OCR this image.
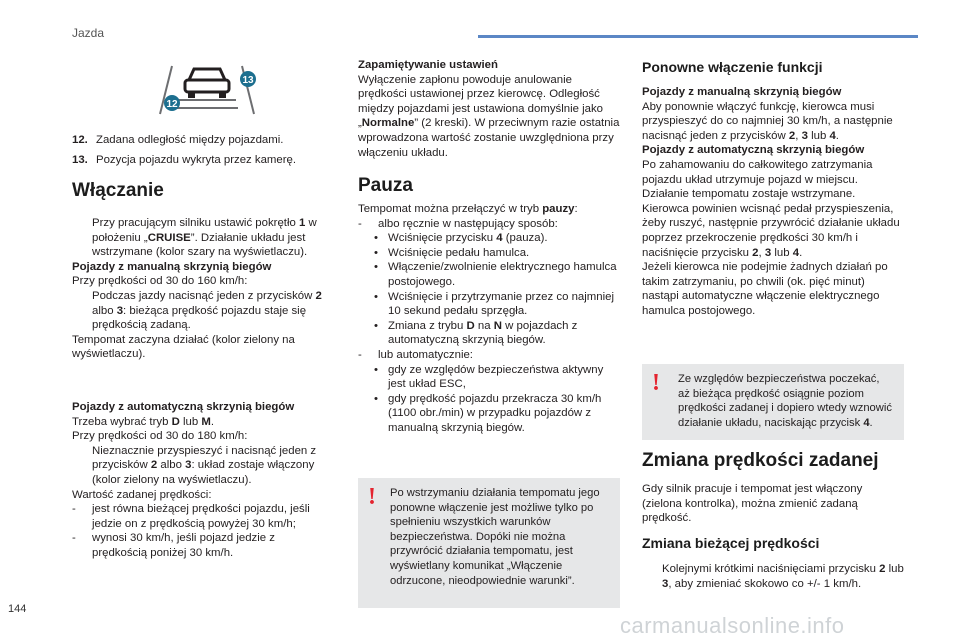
Jazda
144
carmanualsonline.info
13
12
12. Zadana odległość między pojazdami.
13. Pozycja pojazdu wykryta przez kamerę.
Włączanie
Przy pracującym silniku ustawić pokrętło 1 w położeniu „CRUISE”. Działanie układu jest wstrzymane (kolor szary na wyświetlaczu).
Pojazdy z manualną skrzynią biegów
Przy prędkości od 30 do 160 km/h:
Podczas jazdy nacisnąć jeden z przycisków 2 albo 3: bieżąca prędkość pojazdu staje się prędkością zadaną.
Tempomat zaczyna działać (kolor zielony na wyświetlaczu).
Pojazdy z automatyczną skrzynią biegów
Trzeba wybrać tryb D lub M.
Przy prędkości od 30 do 180 km/h:
Nieznacznie przyspieszyć i nacisnąć jeden z przycisków 2 albo 3: układ zostaje włączony (kolor zielony na wyświetlaczu).
Wartość zadanej prędkości:
- jest równa bieżącej prędkości pojazdu, jeśli jedzie on z prędkością powyżej 30 km/h;
- wynosi 30 km/h, jeśli pojazd jedzie z prędkością poniżej 30 km/h.
Zapamiętywanie ustawień
Wyłączenie zapłonu powoduje anulowanie prędkości ustawionej przez kierowcę. Odległość między pojazdami jest ustawiona domyślnie jako „Normalne” (2 kreski). W przeciwnym razie ostatnia wprowadzona wartość zostanie uwzględniona przy włączeniu układu.
Pauza
Tempomat można przełączyć w tryb pauzy:
- albo ręcznie w następujący sposób:
• Wciśnięcie przycisku 4 (pauza).
• Wciśnięcie pedału hamulca.
• Włączenie/zwolnienie elektrycznego hamulca postojowego.
• Wciśnięcie i przytrzymanie przez co najmniej 10 sekund pedału sprzęgła.
• Zmiana z trybu D na N w pojazdach z automatyczną skrzynią biegów.
- lub automatycznie:
• gdy ze względów bezpieczeństwa aktywny jest układ ESC,
• gdy prędkość pojazdu przekracza 30 km/h (1100 obr./min) w przypadku pojazdów z manualną skrzynią biegów.
! Po wstrzymaniu działania tempomatu jego ponowne włączenie jest możliwe tylko po spełnieniu wszystkich warunków bezpieczeństwa. Dopóki nie można przywrócić działania tempomatu, jest wyświetlany komunikat „Włączenie odrzucone, nieodpowiednie warunki”.
Ponowne włączenie funkcji
Pojazdy z manualną skrzynią biegów
Aby ponownie włączyć funkcję, kierowca musi przyspieszyć do co najmniej 30 km/h, a następnie nacisnąć jeden z przycisków 2, 3 lub 4.
Pojazdy z automatyczną skrzynią biegów
Po zahamowaniu do całkowitego zatrzymania pojazdu układ utrzymuje pojazd w miejscu. Działanie tempomatu zostaje wstrzymane. Kierowca powinien wcisnąć pedał przyspieszenia, żeby ruszyć, następnie przywrócić działanie układu poprzez przekroczenie prędkości 30 km/h i naciśnięcie przycisku 2, 3 lub 4.
Jeżeli kierowca nie podejmie żadnych działań po takim zatrzymaniu, po chwili (ok. pięć minut) nastąpi automatyczne włączenie elektrycznego hamulca postojowego.
! Ze względów bezpieczeństwa poczekać, aż bieżąca prędkość osiągnie poziom prędkości zadanej i dopiero wtedy wznowić działanie układu, naciskając przycisk 4.
Zmiana prędkości zadanej
Gdy silnik pracuje i tempomat jest włączony (zielona kontrolka), można zmienić zadaną prędkość.
Zmiana bieżącej prędkości
Kolejnymi krótkimi naciśnięciami przycisku 2 lub 3, aby zmieniać skokowo co +/- 1 km/h.
